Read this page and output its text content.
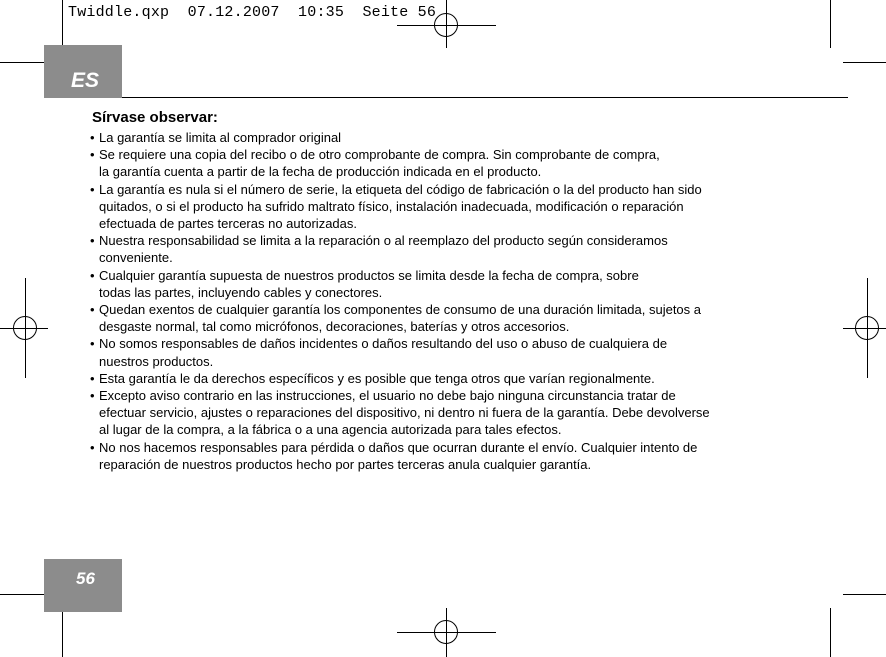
Twiddle.qxp  07.12.2007  10:35  Seite 56
ES
Sírvase observar:
• La garantía se limita al comprador original
• Se requiere una copia del recibo o de otro comprobante de compra. Sin comprobante de compra,
la garantía cuenta a partir de la fecha de producción indicada en el producto.
• La garantía es nula si el número de serie, la etiqueta del código de fabricación o la del producto han sido
quitados, o si el producto ha sufrido maltrato físico, instalación inadecuada, modificación o reparación
efectuada de partes terceras no autorizadas.
• Nuestra responsabilidad se limita a la reparación o al reemplazo del producto según consideramos
conveniente.
• Cualquier garantía supuesta de nuestros productos se limita desde la fecha de compra, sobre
todas las partes, incluyendo cables y conectores.
• Quedan exentos de cualquier garantía los componentes de consumo de una duración limitada, sujetos a
desgaste normal, tal como micrófonos, decoraciones, baterías y otros accesorios.
• No somos responsables de daños incidentes o daños resultando del uso o abuso de cualquiera de
nuestros productos.
• Esta garantía le da derechos específicos y es posible que tenga otros que varían regionalmente.
• Excepto aviso contrario en las instrucciones, el usuario no debe bajo ninguna circunstancia tratar de
efectuar servicio, ajustes o reparaciones del dispositivo, ni dentro ni fuera de la garantía. Debe devolverse
al lugar de la compra, a la fábrica o a una agencia autorizada para tales efectos.
• No nos hacemos responsables para pérdida o daños que ocurran durante el envío. Cualquier intento de
reparación de nuestros productos hecho por partes terceras anula cualquier garantía.
56
